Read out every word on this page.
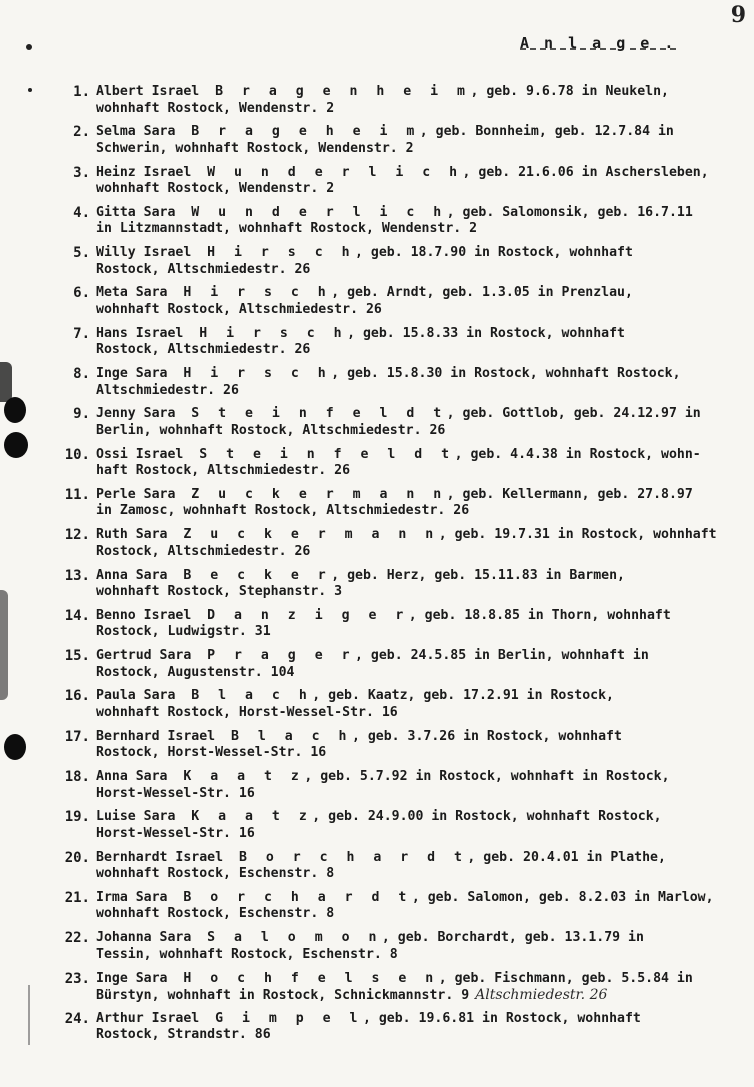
9
A n l a g e .
1. Albert Israel B r a g e n h e i m, geb. 9.6.78 in Neukeln,
wohnhaft Rostock, Wendenstr. 2
2. Selma Sara B r a g e h e i m, geb. Bonnheim, geb. 12.7.84 in
Schwerin, wohnhaft Rostock, Wendenstr. 2
3. Heinz Israel W u n d e r l i c h, geb. 21.6.06 in Aschersleben,
wohnhaft Rostock, Wendenstr. 2
4. Gitta Sara W u n d e r l i c h, geb. Salomonsik, geb. 16.7.11
in Litzmannstadt, wohnhaft Rostock, Wendenstr. 2
5. Willy Israel H i r s c h, geb. 18.7.90 in Rostock, wohnhaft
Rostock, Altschmiedestr. 26
6. Meta Sara H i r s c h, geb. Arndt, geb. 1.3.05 in Prenzlau,
wohnhaft Rostock, Altschmiedestr. 26
7. Hans Israel H i r s c h, geb. 15.8.33 in Rostock, wohnhaft
Rostock, Altschmiedestr. 26
8. Inge Sara H i r s c h, geb. 15.8.30 in Rostock, wohnhaft Rostock,
Altschmiedestr. 26
9. Jenny Sara S t e i n f e l d t, geb. Gottlob, geb. 24.12.97 in
Berlin, wohnhaft Rostock, Altschmiedestr. 26
10. Ossi Israel S t e i n f e l d t, geb. 4.4.38 in Rostock, wohn-
haft Rostock, Altschmiedestr. 26
11. Perle Sara Z u c k e r m a n n, geb. Kellermann, geb. 27.8.97
in Zamosc, wohnhaft Rostock, Altschmiedestr. 26
12. Ruth Sara Z u c k e r m a n n, geb. 19.7.31 in Rostock, wohnhaft
Rostock, Altschmiedestr. 26
13. Anna Sara B e c k e r, geb. Herz, geb. 15.11.83 in Barmen,
wohnhaft Rostock, Stephanstr. 3
14. Benno Israel D a n z i g e r, geb. 18.8.85 in Thorn, wohnhaft
Rostock, Ludwigstr. 31
15. Gertrud Sara P r a g e r, geb. 24.5.85 in Berlin, wohnhaft in
Rostock, Augustenstr. 104
16. Paula Sara B l a c h, geb. Kaatz, geb. 17.2.91 in Rostock,
wohnhaft Rostock, Horst-Wessel-Str. 16
17. Bernhard Israel B l a c h, geb. 3.7.26 in Rostock, wohnhaft
Rostock, Horst-Wessel-Str. 16
18. Anna Sara K a a t z, geb. 5.7.92 in Rostock, wohnhaft in Rostock,
Horst-Wessel-Str. 16
19. Luise Sara K a a t z, geb. 24.9.00 in Rostock, wohnhaft Rostock,
Horst-Wessel-Str. 16
20. Bernhardt Israel B o r c h a r d t, geb. 20.4.01 in Plathe,
wohnhaft Rostock, Eschenstr. 8
21. Irma Sara B o r c h a r d t, geb. Salomon, geb. 8.2.03 in Marlow,
wohnhaft Rostock, Eschenstr. 8
22. Johanna Sara S a l o m o n, geb. Borchardt, geb. 13.1.79 in
Tessin, wohnhaft Rostock, Eschenstr. 8
23. Inge Sara H o c h f e l s e n, geb. Fischmann, geb. 5.5.84 in
Bürstyn, wohnhaft in Rostock, Schnickmannstr. 9 Altschmiedestr. 26
24. Arthur Israel G i m p e l, geb. 19.6.81 in Rostock, wohnhaft
Rostock, Strandstr. 86
